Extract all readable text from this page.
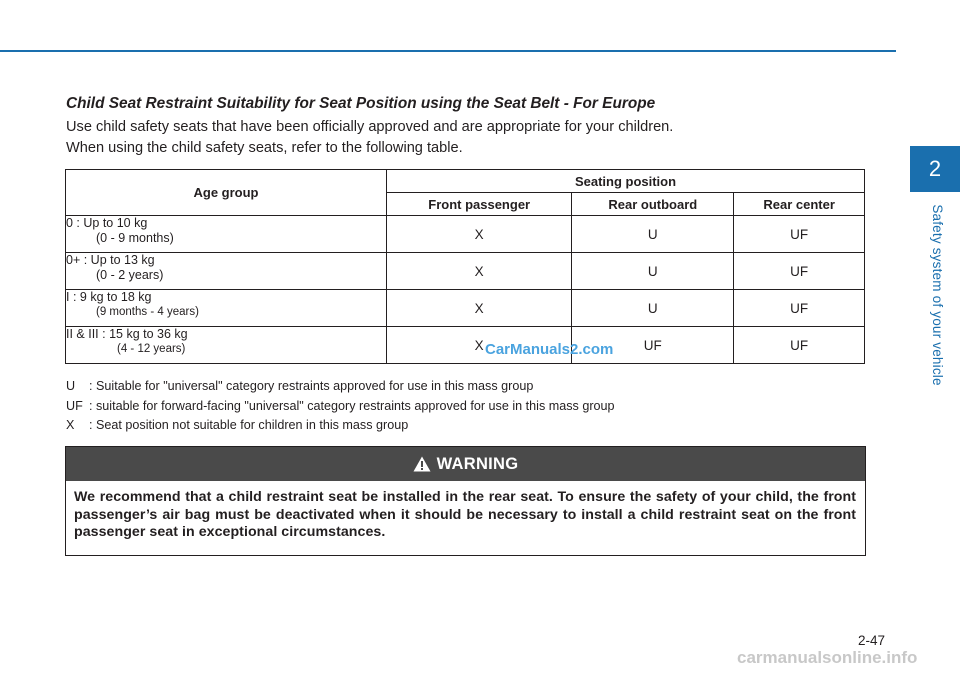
2
Safety system of your vehicle
Child Seat Restraint Suitability for Seat Position using the Seat Belt - For Europe

Use child safety seats that have been officially approved and are appropriate for your children.

When using the child safety seats, refer to the following table.

Age group	Seating position		
	Front passenger	Rear outboard	Rear center
0 : Up to 10 kg
(0 - 9 months)	X	U	UF
0+ : Up to 13 kg
(0 - 2 years)	X	U	UF
I : 9 kg to 18 kg
(9 months - 4 years)	X	U	UF
II & III : 15 kg to 36 kg
(4 - 12 years)	X	UF	UF
U : Suitable for "universal" category restraints approved for use in this mass group
UF : suitable for forward-facing "universal" category restraints approved for use in this mass group
X : Seat position not suitable for children in this mass group
CarManuals2.com
WARNING

We recommend that a child restraint seat be installed in the rear seat. To ensure the safety of your child, the front passenger’s air bag must be deactivated when it should be necessary to install a child restraint seat on the front passenger seat in exceptional circumstances.

2-47
carmanualsonline.info
